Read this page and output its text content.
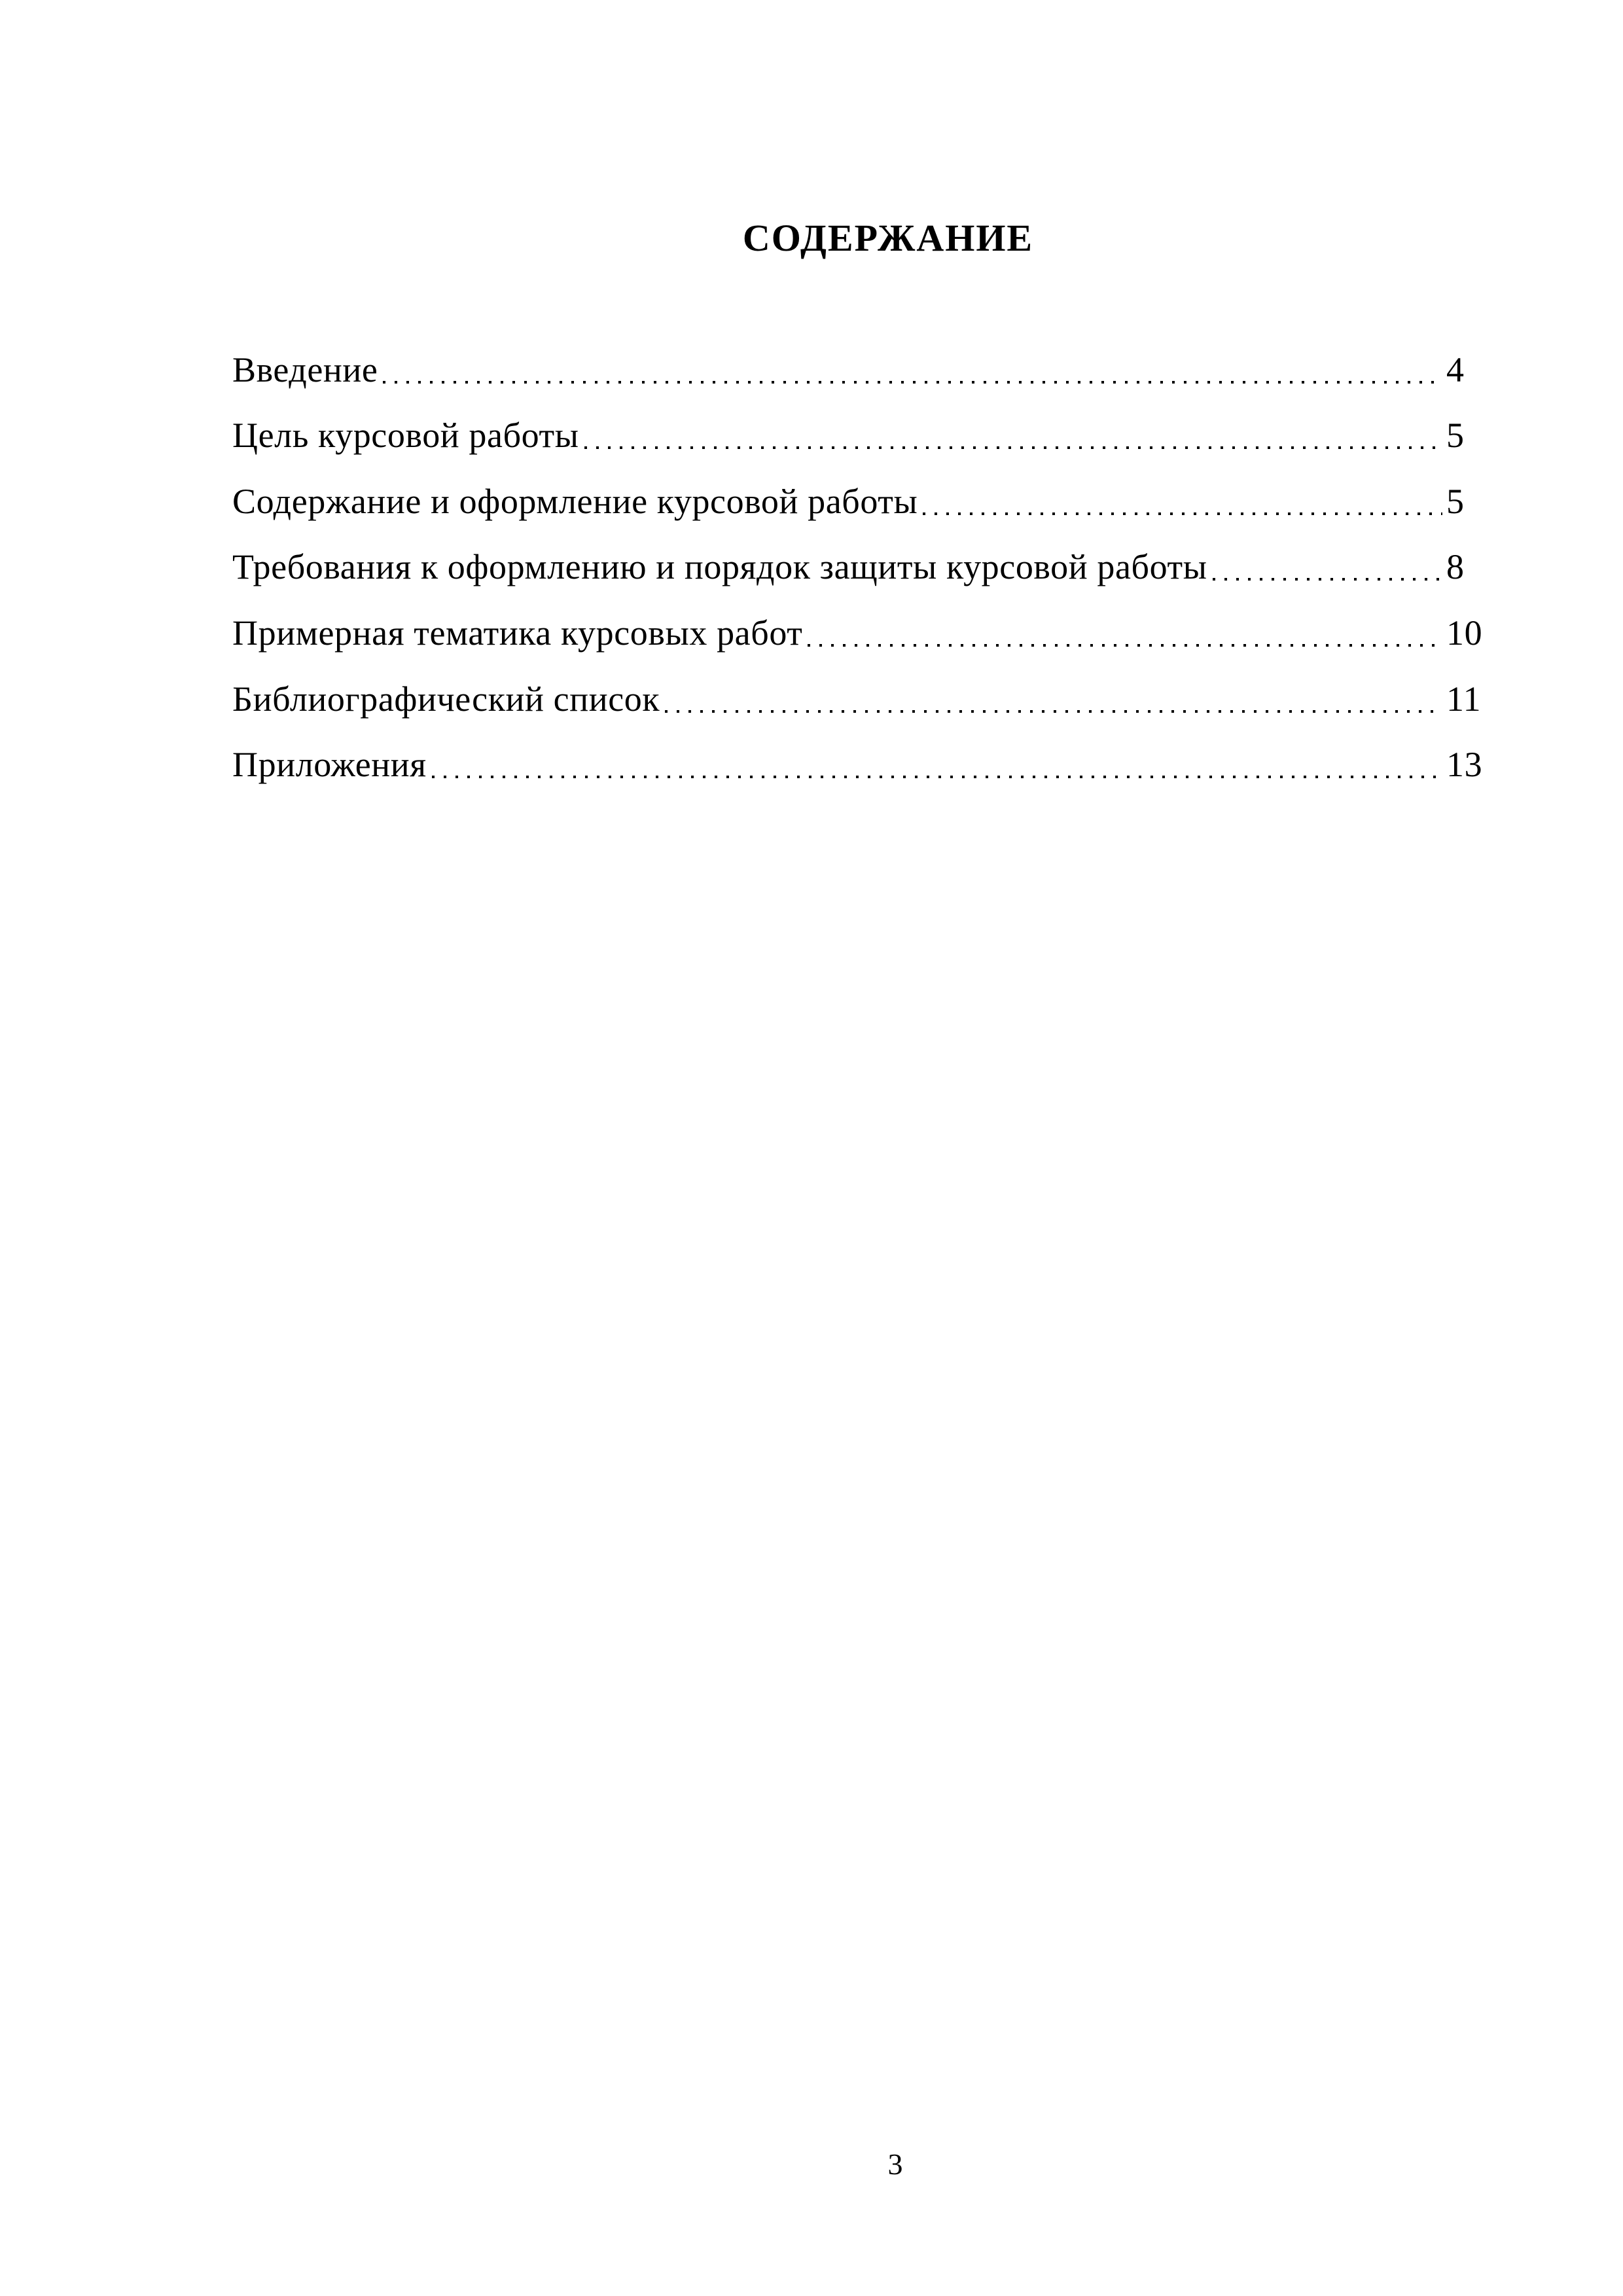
СОДЕРЖАНИЕ
Введение	4
Цель курсовой работы	5
Содержание и оформление курсовой работы	5
Требования к оформлению и порядок защиты курсовой работы	8
Примерная тематика курсовых работ	10
Библиографический список	11
Приложения	13
3
